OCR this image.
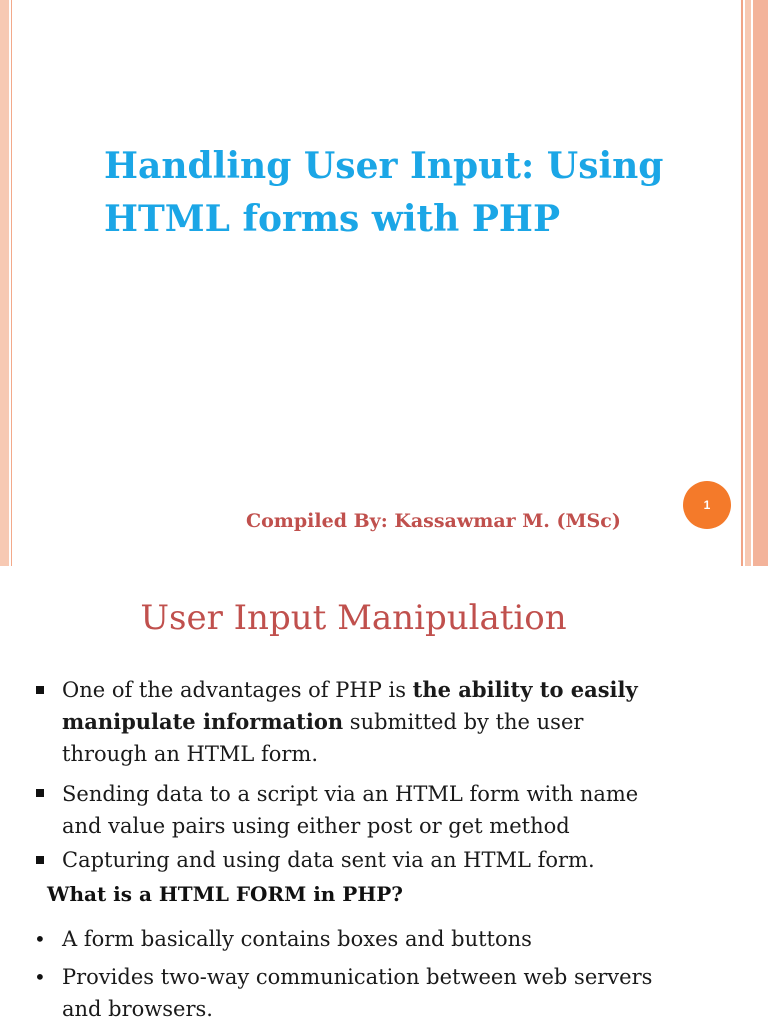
Handling User Input: Using
HTML forms with PHP
1

Compiled By: Kassawmar M. (MSc)

User Input Manipulation
One of the advantages of PHP is the ability to easily
manipulate information submitted by the user
through an HTML form.
Sending data to a script via an HTML form with name
and value pairs using either post or get method
Capturing and using data sent via an HTML form.

What is a HTML FORM in PHP?

• A form basically contains boxes and buttons
• Provides two-way communication between web servers
and browsers.
